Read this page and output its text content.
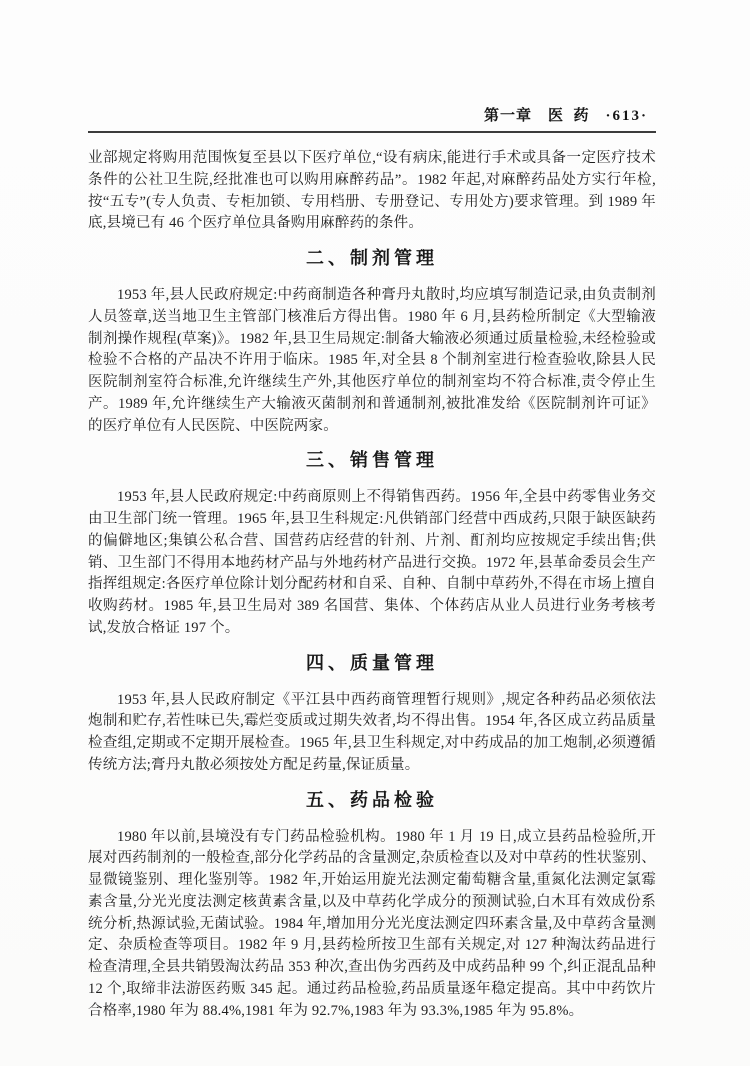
第一章 医  药 ·613·

业部规定将购用范围恢复至县以下医疗单位,“设有病床,能进行手术或具备一定医疗技术条件的公社卫生院,经批准也可以购用麻醉药品”。1982 年起,对麻醉药品处方实行年检,按“五专”(专人负责、专柜加锁、专用档册、专册登记、专用处方)要求管理。到 1989 年底,县境已有 46 个医疗单位具备购用麻醉药的条件。

二、制剂管理

1953 年,县人民政府规定:中药商制造各种膏丹丸散时,均应填写制造记录,由负责制剂人员签章,送当地卫生主管部门核准后方得出售。1980 年 6 月,县药检所制定《大型输液制剂操作规程(草案)》。1982 年,县卫生局规定:制备大输液必须通过质量检验,未经检验或检验不合格的产品决不许用于临床。1985 年,对全县 8 个制剂室进行检查验收,除县人民医院制剂室符合标准,允许继续生产外,其他医疗单位的制剂室均不符合标准,责令停止生产。1989 年,允许继续生产大输液灭菌制剂和普通制剂,被批准发给《医院制剂许可证》的医疗单位有人民医院、中医院两家。

三、销售管理

1953 年,县人民政府规定:中药商原则上不得销售西药。1956 年,全县中药零售业务交由卫生部门统一管理。1965 年,县卫生科规定:凡供销部门经营中西成药,只限于缺医缺药的偏僻地区;集镇公私合营、国营药店经营的针剂、片剂、酊剂均应按规定手续出售;供销、卫生部门不得用本地药材产品与外地药材产品进行交换。1972 年,县革命委员会生产指挥组规定:各医疗单位除计划分配药材和自采、自种、自制中草药外,不得在市场上擅自收购药材。1985 年,县卫生局对 389 名国营、集体、个体药店从业人员进行业务考核考试,发放合格证 197 个。

四、质量管理

1953 年,县人民政府制定《平江县中西药商管理暂行规则》,规定各种药品必须依法炮制和贮存,若性味已失,霉烂变质或过期失效者,均不得出售。1954 年,各区成立药品质量检查组,定期或不定期开展检查。1965 年,县卫生科规定,对中药成品的加工炮制,必须遵循传统方法;膏丹丸散必须按处方配足药量,保证质量。

五、药品检验

1980 年以前,县境没有专门药品检验机构。1980 年 1 月 19 日,成立县药品检验所,开展对西药制剂的一般检查,部分化学药品的含量测定,杂质检查以及对中草药的性状鉴别、显微镜鉴别、理化鉴别等。1982 年,开始运用旋光法测定葡萄糖含量,重氮化法测定氯霉素含量,分光光度法测定核黄素含量,以及中草药化学成分的预测试验,白木耳有效成份系统分析,热源试验,无菌试验。1984 年,增加用分光光度法测定四环素含量,及中草药含量测定、杂质检查等项目。1982 年 9 月,县药检所按卫生部有关规定,对 127 种淘汰药品进行检查清理,全县共销毁淘汰药品 353 种次,查出伪劣西药及中成药品种 99 个,纠正混乱品种 12 个,取缔非法游医药贩 345 起。通过药品检验,药品质量逐年稳定提高。其中中药饮片合格率,1980 年为 88.4%,1981 年为 92.7%,1983 年为 93.3%,1985 年为 95.8%。
